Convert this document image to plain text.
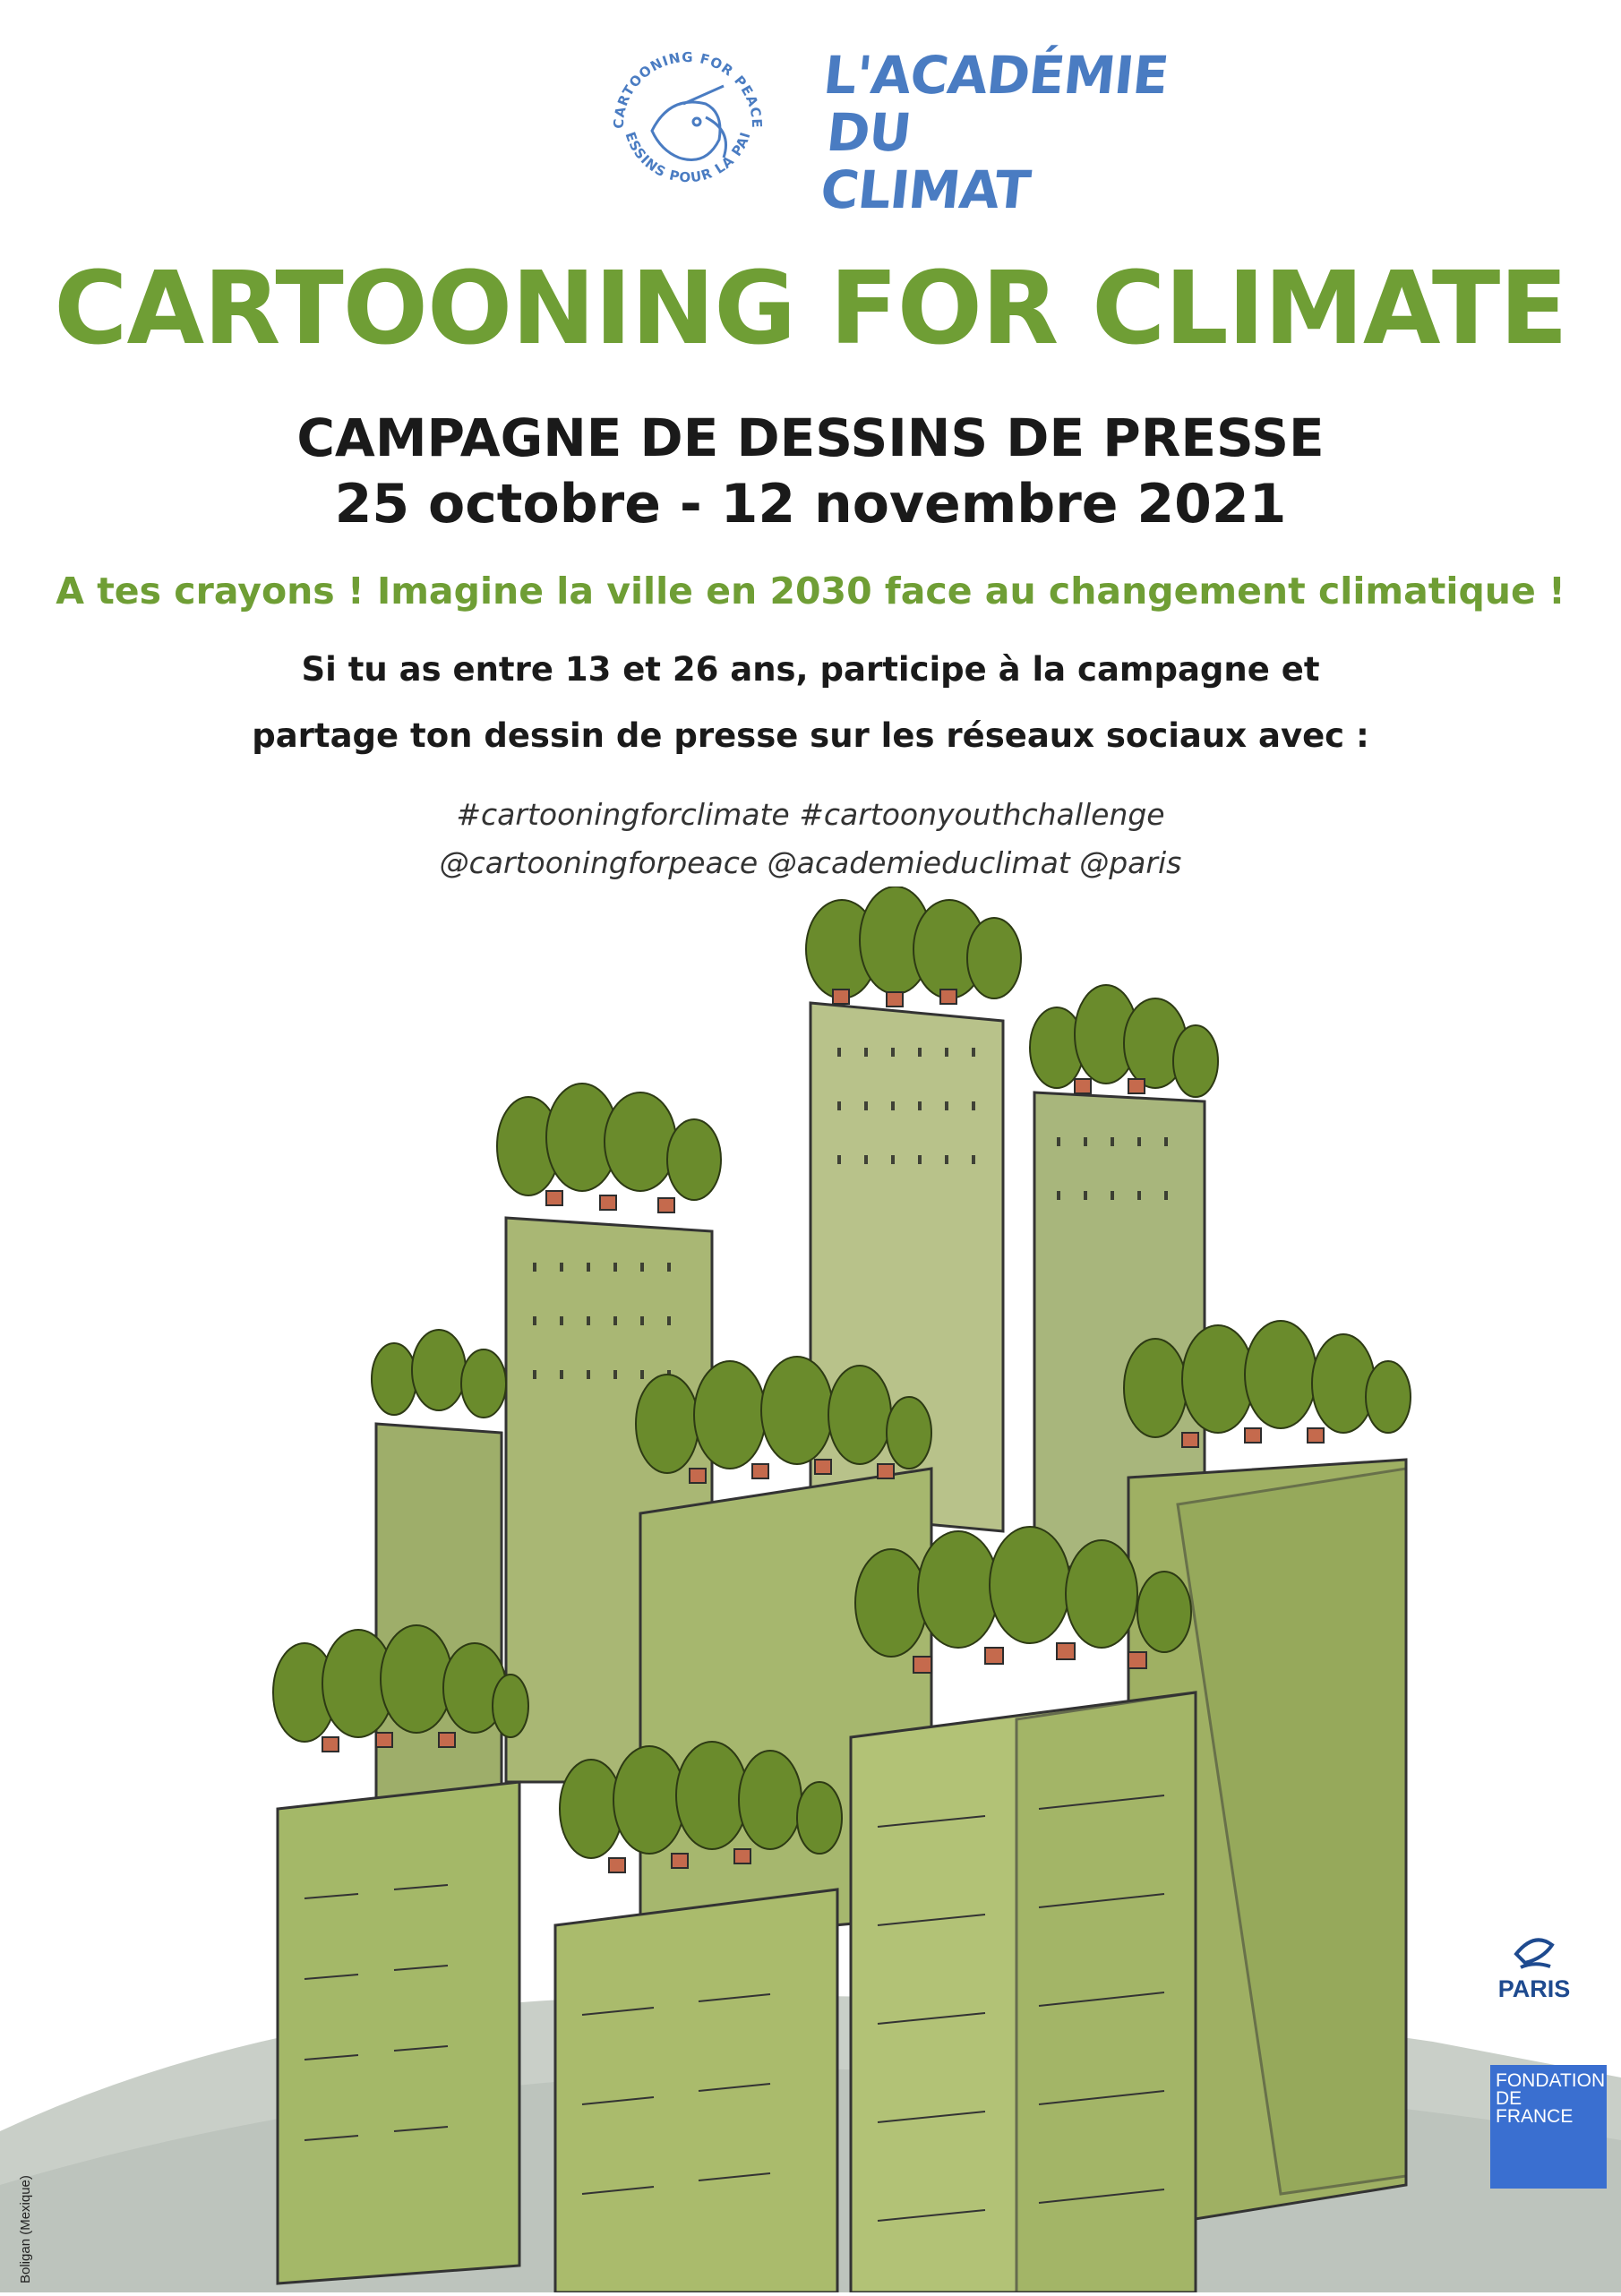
CARTOONING FOR PEACE
ESSINS POUR LA PAI
L'ACADÉMIE
DU CLIMAT
CARTOONING FOR CLIMATE
CAMPAGNE DE DESSINS DE PRESSE
25 octobre - 12 novembre 2021
A tes crayons ! Imagine la ville en 2030 face au changement climatique !
Si tu as entre 13 et 26 ans, participe à la campagne et
partage ton dessin de presse sur les réseaux sociaux avec :
#cartooningforclimate #cartoonyouthchallenge
@cartooningforpeace @academieduclimat @paris
PARIS
FONDATION
DE
FRANCE
Boligan (Mexique)
